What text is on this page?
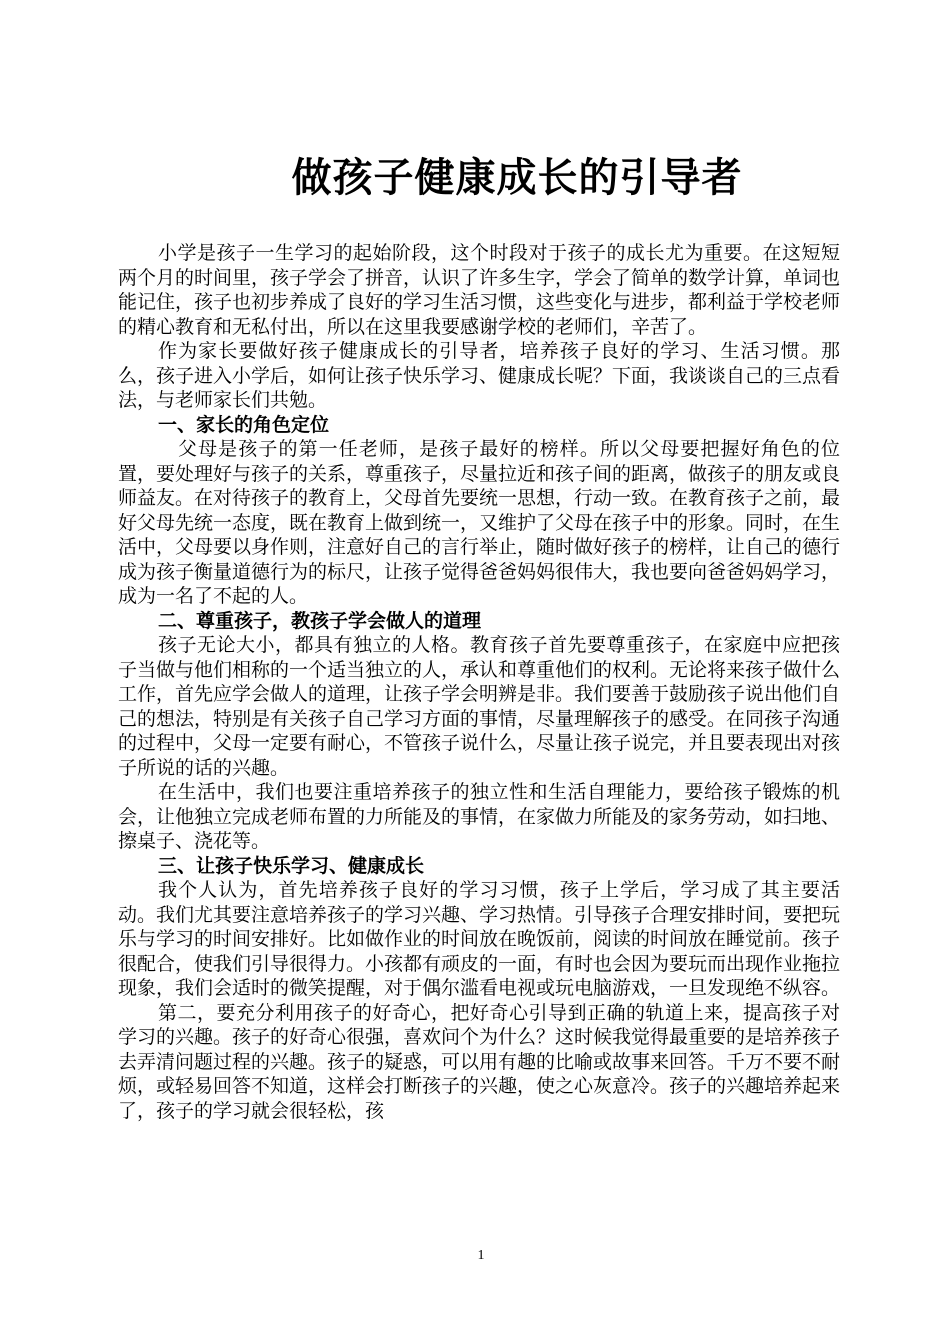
做孩子健康成长的引导者

小学是孩子一生学习的起始阶段，这个时段对于孩子的成长尤为重要。在这短短两个月的时间里，孩子学会了拼音，认识了许多生字，学会了简单的数学计算，单词也能记住，孩子也初步养成了良好的学习生活习惯，这些变化与进步，都利益于学校老师的精心教育和无私付出，所以在这里我要感谢学校的老师们，辛苦了。

作为家长要做好孩子健康成长的引导者，培养孩子良好的学习、生活习惯。那么，孩子进入小学后，如何让孩子快乐学习、健康成长呢？下面，我谈谈自己的三点看法，与老师家长们共勉。

一、家长的角色定位

父母是孩子的第一任老师，是孩子最好的榜样。所以父母要把握好角色的位置，要处理好与孩子的关系，尊重孩子，尽量拉近和孩子间的距离，做孩子的朋友或良师益友。在对待孩子的教育上，父母首先要统一思想，行动一致。在教育孩子之前，最好父母先统一态度，既在教育上做到统一，又维护了父母在孩子中的形象。同时，在生活中，父母要以身作则，注意好自己的言行举止，随时做好孩子的榜样，让自己的德行成为孩子衡量道德行为的标尺，让孩子觉得爸爸妈妈很伟大，我也要向爸爸妈妈学习，成为一名了不起的人。

二、尊重孩子，教孩子学会做人的道理

孩子无论大小，都具有独立的人格。教育孩子首先要尊重孩子，在家庭中应把孩子当做与他们相称的一个适当独立的人，承认和尊重他们的权利。无论将来孩子做什么工作，首先应学会做人的道理，让孩子学会明辨是非。我们要善于鼓励孩子说出他们自己的想法，特别是有关孩子自己学习方面的事情，尽量理解孩子的感受。在同孩子沟通的过程中，父母一定要有耐心，不管孩子说什么，尽量让孩子说完，并且要表现出对孩子所说的话的兴趣。

在生活中，我们也要注重培养孩子的独立性和生活自理能力，要给孩子锻炼的机会，让他独立完成老师布置的力所能及的事情，在家做力所能及的家务劳动，如扫地、擦桌子、浇花等。

三、让孩子快乐学习、健康成长

我个人认为，首先培养孩子良好的学习习惯，孩子上学后，学习成了其主要活动。我们尤其要注意培养孩子的学习兴趣、学习热情。引导孩子合理安排时间，要把玩乐与学习的时间安排好。比如做作业的时间放在晚饭前，阅读的时间放在睡觉前。孩子很配合，使我们引导很得力。小孩都有顽皮的一面，有时也会因为要玩而出现作业拖拉现象，我们会适时的微笑提醒，对于偶尔滥看电视或玩电脑游戏，一旦发现绝不纵容。

第二，要充分利用孩子的好奇心，把好奇心引导到正确的轨道上来，提高孩子对学习的兴趣。孩子的好奇心很强，喜欢问个为什么？这时候我觉得最重要的是培养孩子去弄清问题过程的兴趣。孩子的疑惑，可以用有趣的比喻或故事来回答。千万不要不耐烦，或轻易回答不知道，这样会打断孩子的兴趣，使之心灰意冷。孩子的兴趣培养起来了，孩子的学习就会很轻松，孩

1
